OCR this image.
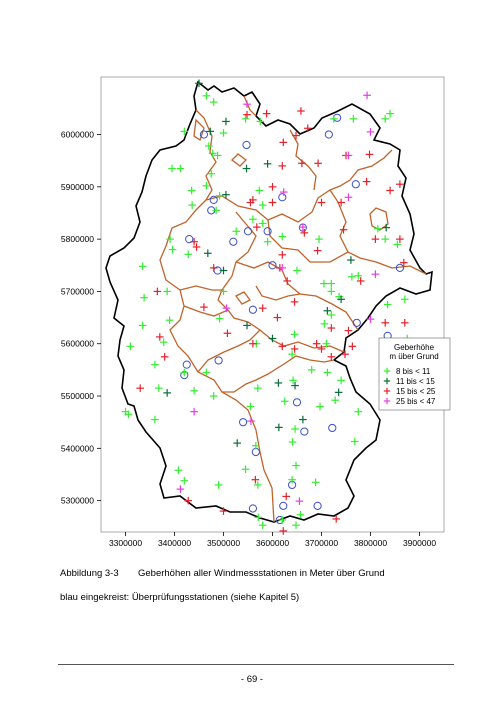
5300000
5400000
5500000
5600000
5700000
5800000
5900000
6000000
3300000 3400000 3500000 3600000 3700000 3800000 3900000
Geberhöhe
m über Grund
8 bis < 11
11 bis < 15
15 bis < 25
25 bis < 47
Abbildung 3-3 Geberhöhen aller Windmessstationen in Meter über Grund
blau eingekreist: Überprüfungsstationen (siehe Kapitel 5)
- 69 -
